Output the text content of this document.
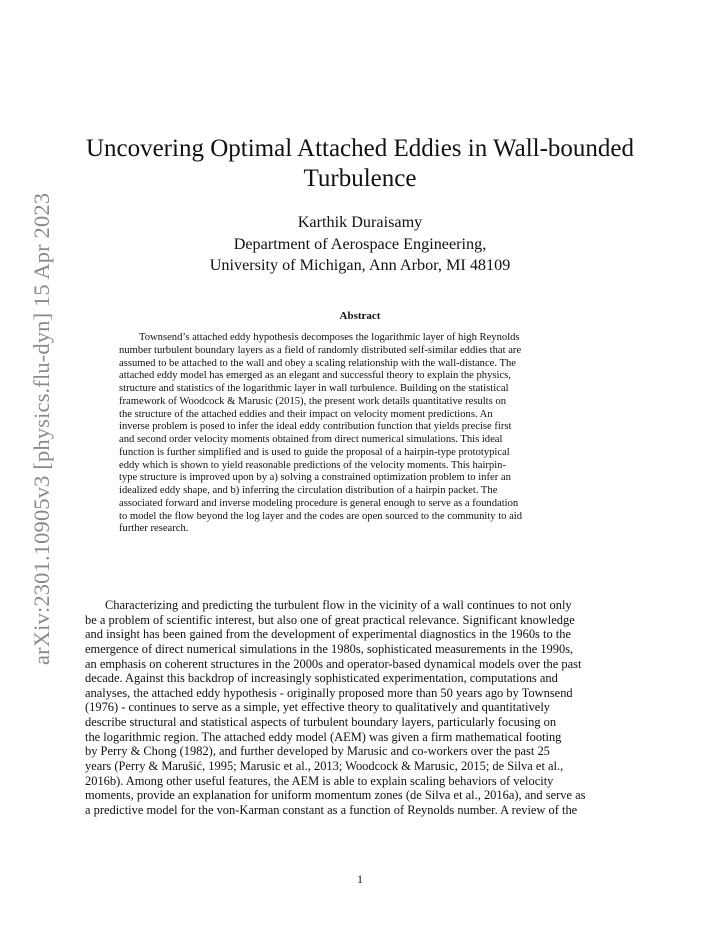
arXiv:2301.10905v3 [physics.flu-dyn] 15 Apr 2023
Uncovering Optimal Attached Eddies in Wall-bounded
Turbulence
Karthik Duraisamy
Department of Aerospace Engineering,
University of Michigan, Ann Arbor, MI 48109
Abstract
Townsend’s attached eddy hypothesis decomposes the logarithmic layer of high Reynolds
number turbulent boundary layers as a field of randomly distributed self-similar eddies that are
assumed to be attached to the wall and obey a scaling relationship with the wall-distance. The
attached eddy model has emerged as an elegant and successful theory to explain the physics,
structure and statistics of the logarithmic layer in wall turbulence. Building on the statistical
framework of Woodcock & Marusic (2015), the present work details quantitative results on
the structure of the attached eddies and their impact on velocity moment predictions. An
inverse problem is posed to infer the ideal eddy contribution function that yields precise first
and second order velocity moments obtained from direct numerical simulations. This ideal
function is further simplified and is used to guide the proposal of a hairpin-type prototypical
eddy which is shown to yield reasonable predictions of the velocity moments. This hairpin-
type structure is improved upon by a) solving a constrained optimization problem to infer an
idealized eddy shape, and b) inferring the circulation distribution of a hairpin packet. The
associated forward and inverse modeling procedure is general enough to serve as a foundation
to model the flow beyond the log layer and the codes are open sourced to the community to aid
further research.
Characterizing and predicting the turbulent flow in the vicinity of a wall continues to not only
be a problem of scientific interest, but also one of great practical relevance. Significant knowledge
and insight has been gained from the development of experimental diagnostics in the 1960s to the
emergence of direct numerical simulations in the 1980s, sophisticated measurements in the 1990s,
an emphasis on coherent structures in the 2000s and operator-based dynamical models over the past
decade. Against this backdrop of increasingly sophisticated experimentation, computations and
analyses, the attached eddy hypothesis - originally proposed more than 50 years ago by Townsend
(1976) - continues to serve as a simple, yet effective theory to qualitatively and quantitatively
describe structural and statistical aspects of turbulent boundary layers, particularly focusing on
the logarithmic region. The attached eddy model (AEM) was given a firm mathematical footing
by Perry & Chong (1982), and further developed by Marusic and co-workers over the past 25
years (Perry & Marušić, 1995; Marusic et al., 2013; Woodcock & Marusic, 2015; de Silva et al.,
2016b). Among other useful features, the AEM is able to explain scaling behaviors of velocity
moments, provide an explanation for uniform momentum zones (de Silva et al., 2016a), and serve as
a predictive model for the von-Karman constant as a function of Reynolds number. A review of the
1
